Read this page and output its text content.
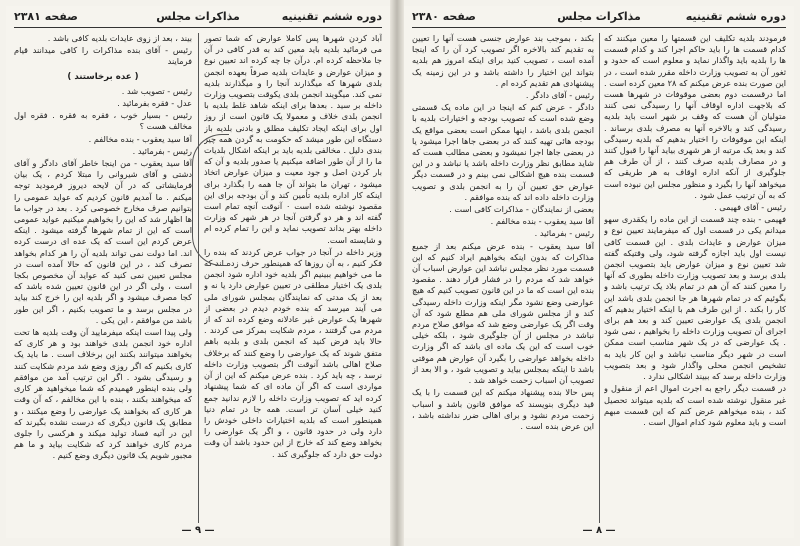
دوره ششم تقنینیه
مذاکرات مجلس
صفحه ۲۳۸۱

آباد کردن شهرها پس کاملا عوارض که شما تصور می فرمائید بلدیه باید معین کند به قدر کافی در آن جا ملاحظه کرده ام. درآن جا چه کرده اند تعیین نوع و میزان عوارض و عایدات بلدیه صرفاً بعهده انجمن بلدی شهرها که میگذارند آنجا را و میگذارند بلدیه نمی کند. میگویند انجمن بلدی یکوقت بتصویب وزارت داخله بر سید . بعدها برای اینکه شاهد غلط بلدیه با انجمن بلدی خلاف و معمولا یک قانون است از روز اول برای اینکه ایجاد تکلیف مطلق و بادنی بلدیه باز دستگاه این طور میشد که حکومت به گردن همه چیز بندی دلیل . مخالفی بلدیه باید بر اینکه اشکال بلدیات ما را از آن طور اضافه میکنیم یا صدور بلدیه و آن که بار کردن اصل و جود معیت و میزان عوارض اتخاذ میشود ، تهران ما بتواند آن جا همه را بگذارد برای اینکه کار اداره بلدیه تأمین کند و آن بودجه برای این مقصود نوشته شده است ۰ آنوقت آنچه تمام است گفته اند و هر دو گرفتن آنجا در هر شهر که وزارت داخله بهتر بداند تصویب نماید و این را تمام کرده ام و شایسته است.

وزیر داخله در آنجا در جواب عرض کردند که بنده را فکر کنیم ، به آن روزها که همینطور حرف زده اند که ما می خواهیم ببینیم اگر بلدیه خود اداره شود انجمن بلدی یک اختیار مطلقی در تعیین عوارض دارد یا نه و بعد از یک مدتی که نمایندگان بمجلس شورای ملی می آیند میرسد که بنده خودم دیدم در بعضی از شهرها یک عوارض غیر عادلانه وضع کرده اند که از مردم می گرفتند ، مردم شکایت بمرکز می کردند . حالا باید فرض کنید که انجمن بلدی و بلدیه باهم متفق شوند که یک عوارضی را وضع کنند که برخلاف صلاح اهالی باشد آنوقت اگر بتصویب وزارت داخله نرسد ، چه باید کرد . بنده عرض میکنم که این از آن مواردی است که اگر آن ماده ای که شما پیشنهاد کرده اید که تصویب وزارت داخله را لازم ندانید جمع کنید خیلی آسان تر است. همه جا در تمام دنیا همینطور است که بلدیه اختیارات داخلی خودش را دارد ولی در حدود قانون ، و اگر یک عوارضی را بخواهد وضع کند که خارج از این حدود باشد آن وقت دولت حق دارد که جلوگیری کند .

بیند ، بعد از زوی عایدات بلدیه کافی باشد .

رئیس - آقای بنده مذاکرات را کافی میدانند قیام فرمایند

( عده برخاستند )

رئیس - تصویب شد .

عدل - فقره بفرمائید .

رئیس - بسیار خوب ، فقره به فقره . فقره اول مخالف هست ؟

آقا سید یعقوب - بنده مخالفم .

رئیس - بفرمائید .

آقا سید یعقوب - من اینجا خاطر آقای دادگر و آقای دشتی و آقای شیروانی را مبتلا کردم ، یک بیان فرمایشاتی که در آن لایحه دیروز فرمودید توجه میکنم . ما آمدیم قانون کردیم که عواید عمومی را بتوانیم صرف مخارج خصوصی کرد . بعد در جواب ما ها اظهار شد که این را بخواهیم میکنیم عواید عمومی است که این از تمام شهرها گرفته میشود . اینکه عرض کردم این است که یک عده ای درست کرده اند. اما دولت نمی تواند بلدیه آن را هر کدام بخواهد تصرف کند ، در این قانون که حالا آمده است در مجلس تعیین نمی کنید که عواید آن مخصوص بکجا است ، ولی اگر در این قانون تعیین شده باشد که کجا مصرف میشود و اگر بلدیه این را خرج کند بیاید در مجلس برسد و ما تصویب بکنیم ، اگر این طور باشد من موافقم ، این یکی .

ولی پیدا است اینکه میفرمایید آن وقت بلدیه ها تحت اداره خود انجمن بلدی خواهند بود و هر کاری که بخواهند میتوانند بکنند این برخلاف است . ما باید یک کاری بکنیم که اگر روزی وضع شد مردم شکایت کنند و رسیدگی بشود . اگر این ترتیب آمد من موافقم ولی بنده اینطور فهمیدم که شما میخواهید هر کاری که میخواهند بکنند ، بنده با این مخالفم ، که آن وقت هر کاری که بخواهند یک عوارضی را وضع میکنند ، و مطابق یک قانون دیگری که درست نشده بگیرند که این در آتیه فساد تولید میکند و هرکسی را جلوی مردم کاری خواهند کرد که شکایت بیاید و ما هم مجبور شویم یک قانون دیگری وضع کنیم .

— ۹ —
دوره ششم تقنینیه
مذاکرات مجلس
صفحه ۲۳۸۰

فرمودند بلدیه تکلیف این قسمتها را معین میکنند که کدام قسمت ها را باید حاکم اجرا کند و کدام قسمت ها را بلدیه باید واگذار نماید و معلوم است که حدود و ثغور آن به تصویب وزارت داخله مقرر شده است ، در این صورت بنده عرض میکنم که ۲۸ معین کرده است . اما درقسمت دوم بعضی موقوفات در شهرها هست که بلاجهت اداره اوقاف آنها را رسیدگی نمی کنند متولیان آن هست که وقف بر شهر است باید بلدیه رسیدگی کند و بالاخره آنها به مصرف بلدی برساند . اینکه این موقوفات را اختیار بدهیم که بلدیه رسیدگی کند و بعد یک مرتبه از هر شهری بیاید آنها را قبول کنند و در مصارف بلدیه صرف کنند ، از آن طرف هم جلوگیری از آنکه اداره اوقاف به هر طریقی که میخواهد آنها را بگیرد و منظور مجلس این نبوده است که به آن ترتیب عمل شود .

رئیس - آقای فهیمی .

فهیمی - بنده چند قسمت از این ماده را یکقدری سهو میدانم یکی در قسمت اول که میفرمایند تعیین نوع و میزان عوارض و عایدات بلدی . این قسمت کافی نیست اول باید اجازه گرفته شود، ولی وقتیکه گفته شد تعیین نوع و میزان عوارض باید بتصویب انجمن بلدی برسد و بعد تصویب وزارت داخله بطوری که آنها را معین کنند که آن هم در تمام بلاد یک ترتیب باشد و بگوئیم که در تمام شهرها هر جا انجمن بلدی باشد این کار را بکند . از این طرف هم با اینکه اختیار بدهیم که انجمن بلدی یک عوارضی تعیین کند و بعد هم برای اجرای آن تصویب وزارت داخله را بخواهیم ، نمی شود . یک عوارضی که در یک شهر مناسب است ممکن است در شهر دیگر مناسب نباشد و این کار باید به تشخیص انجمن محلی واگذار شود و بعد بتصویب وزارت داخله برسد که ببیند اشکالی ندارد .

در قسمت دیگر راجع به اجرت اموال اعم از منقول و غیر منقول نوشته شده است که بلدیه میتواند تحصیل کند ، بنده میخواهم عرض کنم که این قسمت مبهم است و باید معلوم شود کدام اموال است .

بکند ، بموجب بند عوارض جنسی هست آنها را تعیین به تقدیم کند بالاخره اگر تصویب کرد آن را که اینجا آمده است ، تصویب کنید برای اینکه امروز هم بلدیه بتواند این اختیار را داشته باشد و در این زمینه یک پیشنهادی هم تقدیم کرده ام .

رئیس - آقای دادگر .

دادگر - عرض کنم که اینجا در این ماده یک قسمتی وضع شده است که تصویب بودجه و اختیارات بلدیه با انجمن بلدی باشد ، اینها ممکن است بعضی مواقع یک بودجه هائی تهیه کنند که در بعضی جاها اجرا میشود یا در بعضی جاها اجرا نمیشود و بعضی مطالب هست که شاید مطابق نظر وزارت داخله باشد یا نباشد و در این قسمت بنده هیچ اشکالی نمی بینم و در قسمت دیگر عوارض حق تعیین آن را به انجمن بلدی و تصویب وزارت داخله داده اند که بنده موافقم .

بعضی از نمایندگان - مذاکرات کافی است .

آقا سید یعقوب - بنده مخالفم .

رئیس - بفرمائید .

آقا سید یعقوب - بنده عرض میکنم بعد از جمیع مذاکرات که بدون اینکه بخواهیم ایراد کنیم که این قسمت مورد نظر مجلس نباشد این عوارض اسباب آن خواهد شد که مردم را در فشار قرار دهند . مقصود بنده این است که ما در این قانون تصویب کنیم که هیچ عوارضی وضع نشود مگر اینکه وزارت داخله رسیدگی کند و از مجلس شورای ملی هم مطلع شود که آن وقت اگر یک عوارضی وضع شد که موافق صلاح مردم نباشد در مجلس از آن جلوگیری شود ، بلکه خیلی خوب است که این یک ماده ای باشد که اگر وزارت داخله بخواهد عوارضی را بگیرد آن عوارض هم موقتی باشد تا اینکه بمجلس بیاید و تصویب شود ، و الا بعد از تصویب آن اسباب زحمت خواهد شد .

پس حالا بنده پیشنهاد میکنم که این قسمت را با یک قید دیگری بنویسند که موافق قانون باشد و اسباب زحمت مردم نشود و برای اهالی ضرر نداشته باشد ، این عرض بنده است .

— ۸ —
